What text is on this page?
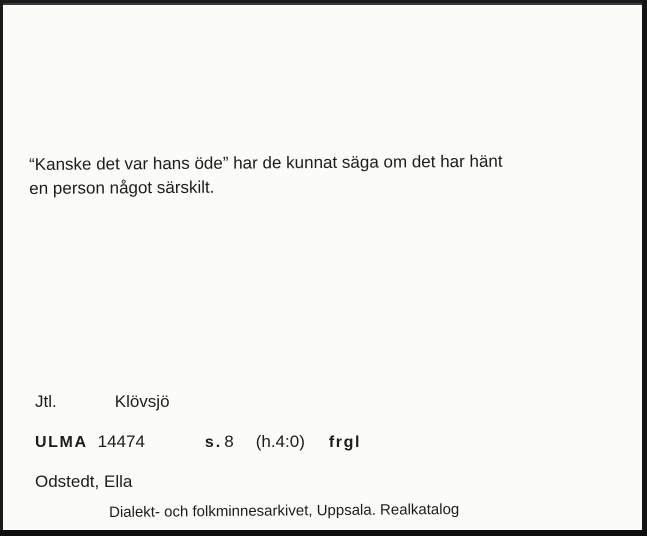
“Kanske det var hans öde” har de kunnat säga om det har hänt

en person något särskilt.

Jtl.	Klövsjö
ULMA 14474	s. 8 (h.4:0) frgl
Odstedt, Ella
Dialekt- och folkminnesarkivet, Uppsala. Realkatalog
